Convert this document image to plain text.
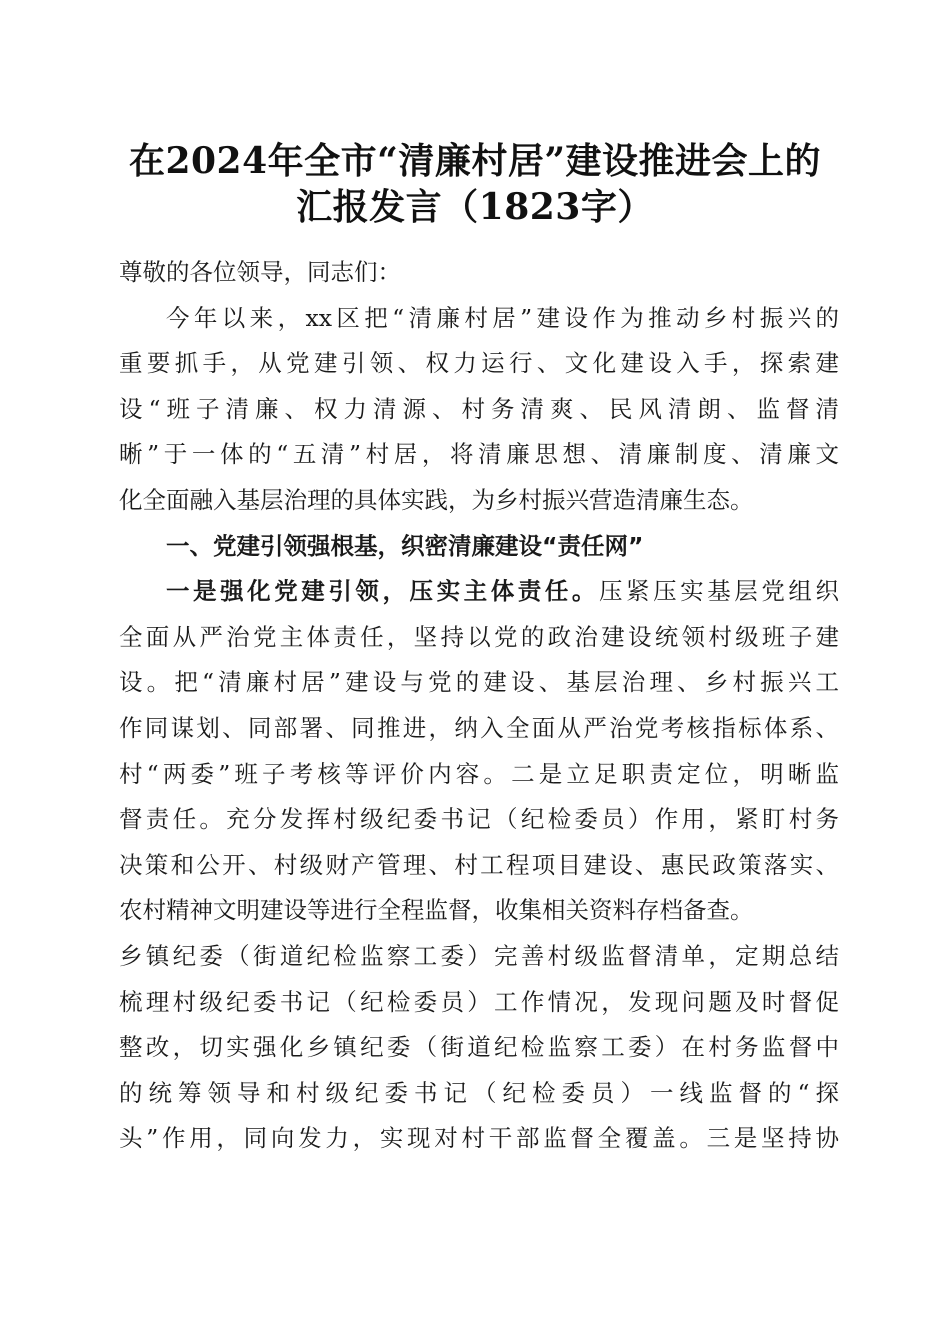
在2024年全市“清廉村居”建设推进会上的
汇报发言（1823字）
尊敬的各位领导，同志们：
今年以来，xx区把“清廉村居”建设作为推动乡村振兴的
重要抓手，从党建引领、权力运行、文化建设入手，探索建
设“班子清廉、权力清源、村务清爽、民风清朗、监督清
晰”于一体的“五清”村居，将清廉思想、清廉制度、清廉文
化全面融入基层治理的具体实践，为乡村振兴营造清廉生态。
一、党建引领强根基，织密清廉建设“责任网”
一是强化党建引领，压实主体责任。压紧压实基层党组织
全面从严治党主体责任，坚持以党的政治建设统领村级班子建
设。把“清廉村居”建设与党的建设、基层治理、乡村振兴工
作同谋划、同部署、同推进，纳入全面从严治党考核指标体系、
村“两委”班子考核等评价内容。二是立足职责定位，明晰监
督责任。充分发挥村级纪委书记（纪检委员）作用，紧盯村务
决策和公开、村级财产管理、村工程项目建设、惠民政策落实、
农村精神文明建设等进行全程监督，收集相关资料存档备查。
乡镇纪委（街道纪检监察工委）完善村级监督清单，定期总结
梳理村级纪委书记（纪检委员）工作情况，发现问题及时督促
整改，切实强化乡镇纪委（街道纪检监察工委）在村务监督中
的统筹领导和村级纪委书记（纪检委员）一线监督的“探
头”作用，同向发力，实现对村干部监督全覆盖。三是坚持协
